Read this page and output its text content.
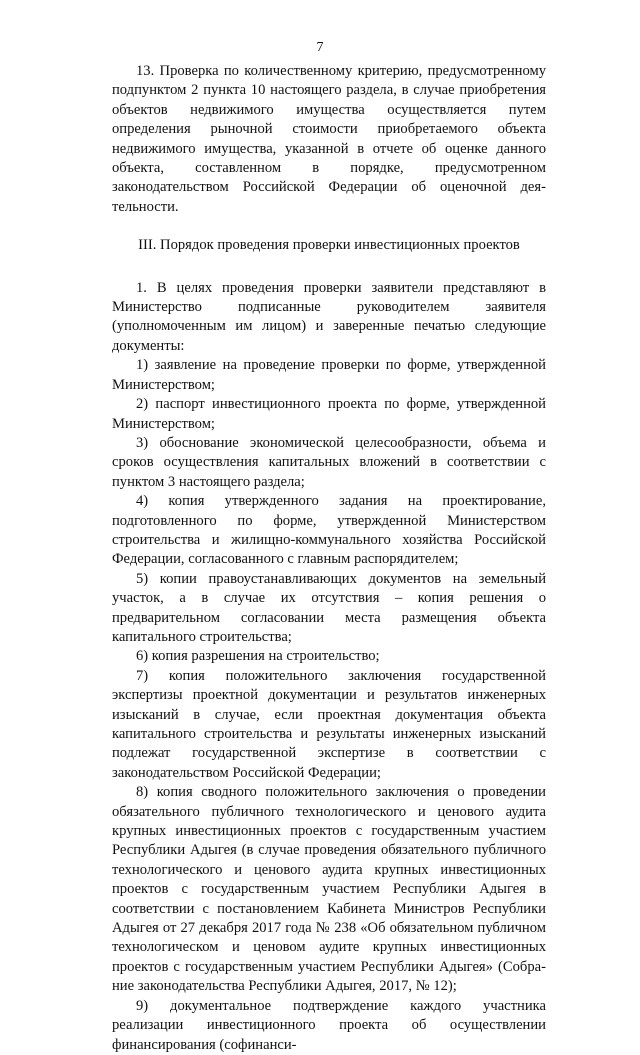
7

13. Проверка по количественному критерию, предусмотренному подпунктом 2 пункта 10 настоящего раздела, в случае приобретения объектов недвижимого имущества осуществляется путем определения рыночной стоимости приобретаемого объекта недвижимого имущества, указанной в отчете об оценке данного объекта, составленном в порядке, предусмотренном законодательством Российской Федерации об оценочной деятельности.

III. Порядок проведения проверки инвестиционных проектов

1. В целях проведения проверки заявители представляют в Министерство подписанные руководителем заявителя (уполномоченным им лицом) и заверенные печатью следующие документы:

1) заявление на проведение проверки по форме, утвержденной Министерством;

2) паспорт инвестиционного проекта по форме, утвержденной Министерством;

3) обоснование экономической целесообразности, объема и сроков осуществления капитальных вложений в соответствии с пунктом 3 настоящего раздела;

4) копия утвержденного задания на проектирование, подготовленного по форме, утвержденной Министерством строительства и жилищно-коммунального хозяйства Российской Федерации, согласованного с главным распорядителем;

5) копии правоустанавливающих документов на земельный участок, а в случае их отсутствия – копия решения о предварительном согласовании места размещения объекта капитального строительства;

6) копия разрешения на строительство;

7) копия положительного заключения государственной экспертизы проектной документации и результатов инженерных изысканий в случае, если проектная документация объекта капитального строительства и результаты инженерных изысканий подлежат государственной экспертизе в соответствии с законодательством Российской Федерации;

8) копия сводного положительного заключения о проведении обязательного публичного технологического и ценового аудита крупных инвестиционных проектов с государственным участием Республики Адыгея (в случае проведения обязательного публичного технологического и ценового аудита крупных инвестиционных проектов с государственным участием Республики Адыгея в соответствии с постановлением Кабинета Министров Республики Адыгея от 27 декабря 2017 года № 238 «Об обязательном публичном технологическом и ценовом аудите крупных инвестиционных проектов с государственным участием Республики Адыгея» (Собрание законодательства Республики Адыгея, 2017, № 12);

9) документальное подтверждение каждого участника реализации инвестиционного проекта об осуществлении финансирования (софинанси-
